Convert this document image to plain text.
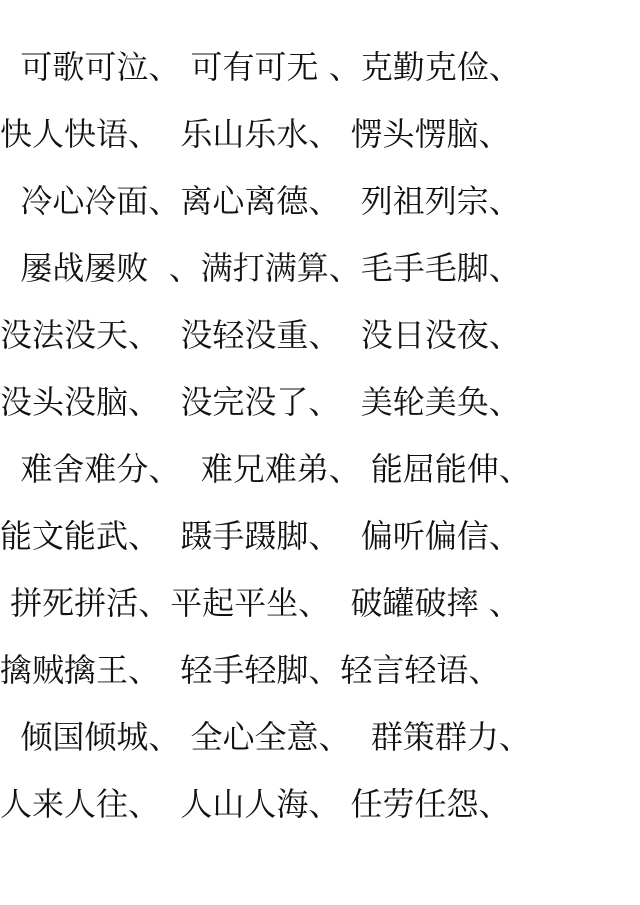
可歌可泣、 可有可无 、克勤克俭、
快人快语、  乐山乐水、 愣头愣脑、
冷心冷面、离心离德、  列祖列宗、
屡战屡败  、满打满算、毛手毛脚、
没法没天、  没轻没重、  没日没夜、
没头没脑、  没完没了、  美轮美奂、
难舍难分、  难兄难弟、 能屈能伸、
能文能武、  蹑手蹑脚、  偏听偏信、
拼死拼活、平起平坐、  破罐破摔 、
擒贼擒王、  轻手轻脚、轻言轻语、
倾国倾城、 全心全意、  群策群力、
人来人往、  人山人海、 任劳任怨、
